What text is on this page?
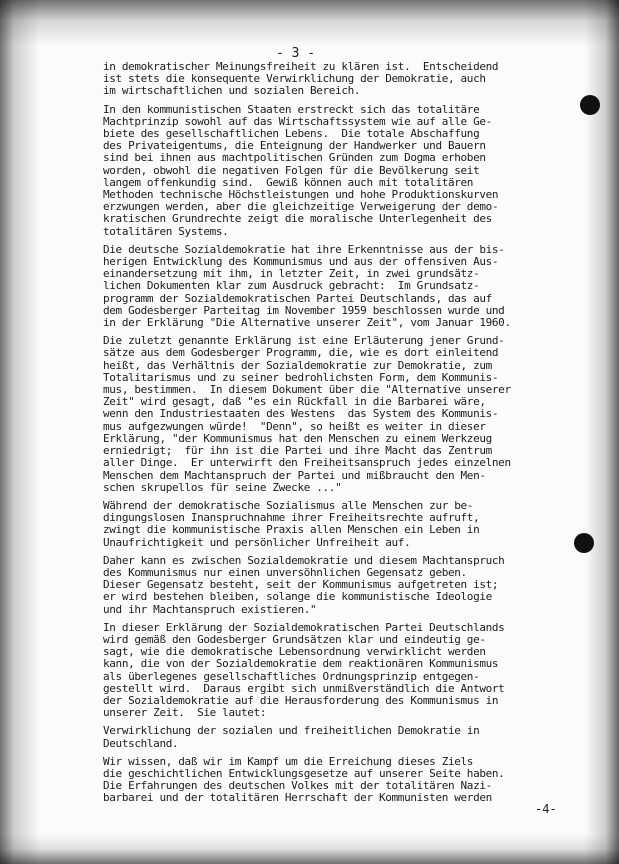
- 3 -
in demokratischer Meinungsfreiheit zu klären ist.  Entscheidend
ist stets die konsequente Verwirklichung der Demokratie, auch
im wirtschaftlichen und sozialen Bereich.
In den kommunistischen Staaten erstreckt sich das totalitäre
Machtprinzip sowohl auf das Wirtschaftssystem wie auf alle Ge-
biete des gesellschaftlichen Lebens.  Die totale Abschaffung
des Privateigentums, die Enteignung der Handwerker und Bauern
sind bei ihnen aus machtpolitischen Gründen zum Dogma erhoben
worden, obwohl die negativen Folgen für die Bevölkerung seit
langem offenkundig sind.  Gewiß können auch mit totalitären
Methoden technische Höchstleistungen und hohe Produktionskurven
erzwungen werden, aber die gleichzeitige Verweigerung der demo-
kratischen Grundrechte zeigt die moralische Unterlegenheit des
totalitären Systems.
Die deutsche Sozialdemokratie hat ihre Erkenntnisse aus der bis-
herigen Entwicklung des Kommunismus und aus der offensiven Aus-
einandersetzung mit ihm, in letzter Zeit, in zwei grundsätz-
lichen Dokumenten klar zum Ausdruck gebracht:  Im Grundsatz-
programm der Sozialdemokratischen Partei Deutschlands, das auf
dem Godesberger Parteitag im November 1959 beschlossen wurde und
in der Erklärung "Die Alternative unserer Zeit", vom Januar 1960.
Die zuletzt genannte Erklärung ist eine Erläuterung jener Grund-
sätze aus dem Godesberger Programm, die, wie es dort einleitend
heißt, das Verhältnis der Sozialdemokratie zur Demokratie, zum
Totalitarismus und zu seiner bedrohlichsten Form, dem Kommunis-
mus, bestimmen.  In diesem Dokument über die "Alternative unserer
Zeit" wird gesagt, daß "es ein Rückfall in die Barbarei wäre,
wenn den Industriestaaten des Westens  das System des Kommunis-
mus aufgezwungen würde!  "Denn", so heißt es weiter in dieser
Erklärung, "der Kommunismus hat den Menschen zu einem Werkzeug
erniedrigt;  für ihn ist die Partei und ihre Macht das Zentrum
aller Dinge.  Er unterwirft den Freiheitsanspruch jedes einzelnen
Menschen dem Machtanspruch der Partei und mißbraucht den Men-
schen skrupellos für seine Zwecke ..."
Während der demokratische Sozialismus alle Menschen zur be-
dingungslosen Inanspruchnahme ihrer Freiheitsrechte aufruft,
zwingt die kommunistische Praxis allen Menschen ein Leben in
Unaufrichtigkeit und persönlicher Unfreiheit auf.
Daher kann es zwischen Sozialdemokratie und diesem Machtanspruch
des Kommunismus nur einen unversöhnlichen Gegensatz geben.
Dieser Gegensatz besteht, seit der Kommunismus aufgetreten ist;
er wird bestehen bleiben, solange die kommunistische Ideologie
und ihr Machtanspruch existieren."
In dieser Erklärung der Sozialdemokratischen Partei Deutschlands
wird gemäß den Godesberger Grundsätzen klar und eindeutig ge-
sagt, wie die demokratische Lebensordnung verwirklicht werden
kann, die von der Sozialdemokratie dem reaktionären Kommunismus
als überlegenes gesellschaftliches Ordnungsprinzip entgegen-
gestellt wird.  Daraus ergibt sich unmißverständlich die Antwort
der Sozialdemokratie auf die Herausforderung des Kommunismus in
unserer Zeit.  Sie lautet:
Verwirklichung der sozialen und freiheitlichen Demokratie in
Deutschland.
Wir wissen, daß wir im Kampf um die Erreichung dieses Ziels
die geschichtlichen Entwicklungsgesetze auf unserer Seite haben.
Die Erfahrungen des deutschen Volkes mit der totalitären Nazi-
barbarei und der totalitären Herrschaft der Kommunisten werden
-4-
